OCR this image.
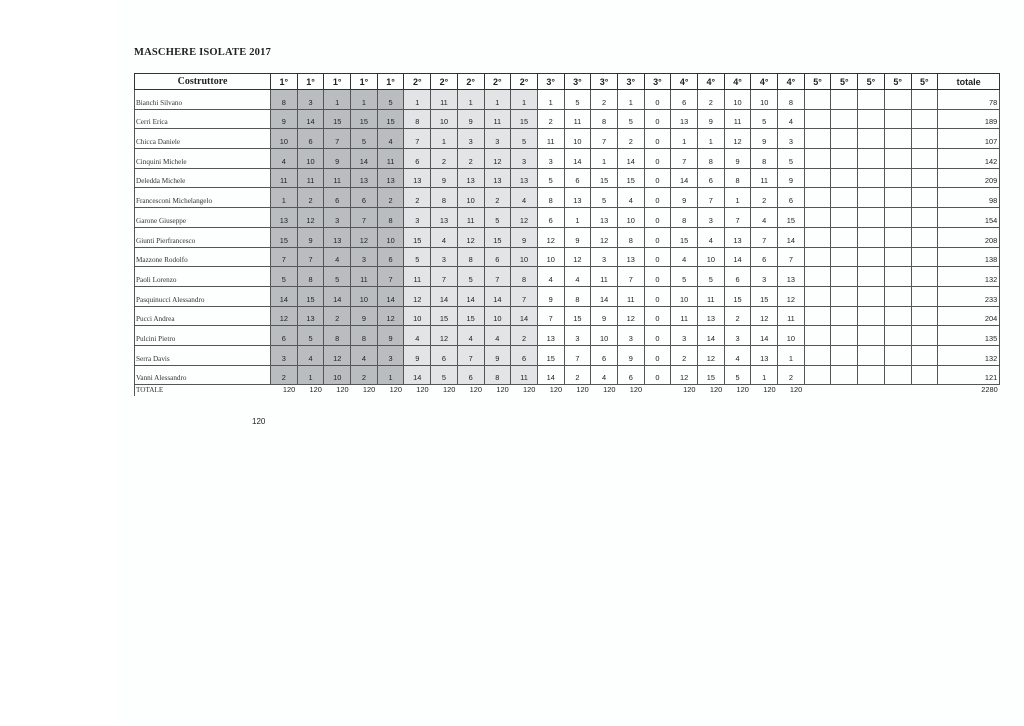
MASCHERE ISOLATE 2017
Costruttore	1°	1°	1°	1°	1°	2°	2°	2°	2°	2°	3°	3°	3°	3°	3°	4°	4°	4°	4°	4°	5°	5°	5°	5°	5°	totale
Bianchi Silvano	8	3	1	1	5	1	11	1	1	1	1	5	2	1	0	6	2	10	10	8						78
Cerri Erica	9	14	15	15	15	8	10	9	11	15	2	11	8	5	0	13	9	11	5	4						189
Chicca Daniele	10	6	7	5	4	7	1	3	3	5	11	10	7	2	0	1	1	12	9	3						107
Cinquini Michele	4	10	9	14	11	6	2	2	12	3	3	14	1	14	0	7	8	9	8	5						142
Deledda Michele	11	11	11	13	13	13	9	13	13	13	5	6	15	15	0	14	6	8	11	9						209
Francesconi Michelangelo	1	2	6	6	2	2	8	10	2	4	8	13	5	4	0	9	7	1	2	6						98
Garone Giuseppe	13	12	3	7	8	3	13	11	5	12	6	1	13	10	0	8	3	7	4	15						154
Giunti Pierfrancesco	15	9	13	12	10	15	4	12	15	9	12	9	12	8	0	15	4	13	7	14						208
Mazzone Rodolfo	7	7	4	3	6	5	3	8	6	10	10	12	3	13	0	4	10	14	6	7						138
Paoli Lorenzo	5	8	5	11	7	11	7	5	7	8	4	4	11	7	0	5	5	6	3	13						132
Pasquinucci Alessandro	14	15	14	10	14	12	14	14	14	7	9	8	14	11	0	10	11	15	15	12						233
Pucci Andrea	12	13	2	9	12	10	15	15	10	14	7	15	9	12	0	11	13	2	12	11						204
Pulcini Pietro	6	5	8	8	9	4	12	4	4	2	13	3	10	3	0	3	14	3	14	10						135
Serra Davis	3	4	12	4	3	9	6	7	9	6	15	7	6	9	0	2	12	4	13	1						132
Vanni Alessandro	2	1	10	2	1	14	5	6	8	11	14	2	4	6	0	12	15	5	1	2						121
TOTALE	120	120	120	120	120	120	120	120	120	120	120	120	120	120		120	120	120	120	120						2280
120
